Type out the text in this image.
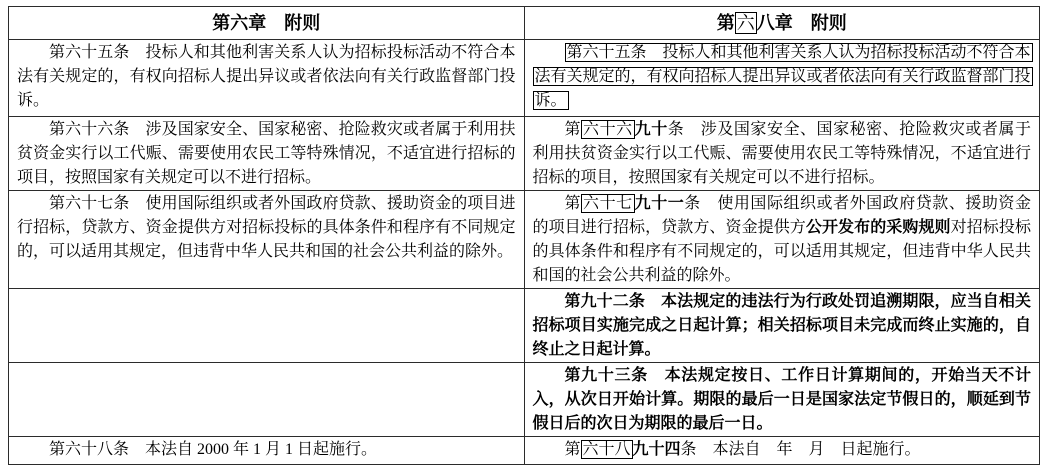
第六章　附则	第 六 八章　附则

第六十五条　投标人和其他利害关系人认为招标投标活动不符合本法有关规定的，有权向招标人提出异议或者依法向有关行政监督部门投诉。	第六十五条　投标人和其他利害关系人认为招标投标活动不符合本法有关规定的，有权向招标人提出异议或者依法向有关行政监督部门投诉。

第六十六条　涉及国家安全、国家秘密、抢险救灾或者属于利用扶贫资金实行以工代赈、需要使用农民工等特殊情况，不适宜进行招标的项目，按照国家有关规定可以不进行招标。	第 六十六 九十条　涉及国家安全、国家秘密、抢险救灾或者属于利用扶贫资金实行以工代赈、需要使用农民工等特殊情况，不适宜进行招标的项目，按照国家有关规定可以不进行招标。

第六十七条　使用国际组织或者外国政府贷款、援助资金的项目进行招标，贷款方、资金提供方对招标投标的具体条件和程序有不同规定的，可以适用其规定，但违背中华人民共和国的社会公共利益的除外。	第 六十七 九十一条　使用国际组织或者外国政府贷款、援助资金的项目进行招标，贷款方、资金提供方公开发布的采购规则对招标投标的具体条件和程序有不同规定的，可以适用其规定，但违背中华人民共和国的社会公共利益的除外。

	第九十二条　本法规定的违法行为行政处罚追溯期限，应当自相关招标项目实施完成之日起计算；相关招标项目未完成而终止实施的，自终止之日起计算。

	第九十三条　本法规定按日、工作日计算期间的，开始当天不计入，从次日开始计算。期限的最后一日是国家法定节假日的，顺延到节假日后的次日为期限的最后一日。

第六十八条　本法自 2000 年 1 月 1 日起施行。	第 六十八 九十四条　本法自　年　月　日起施行。
